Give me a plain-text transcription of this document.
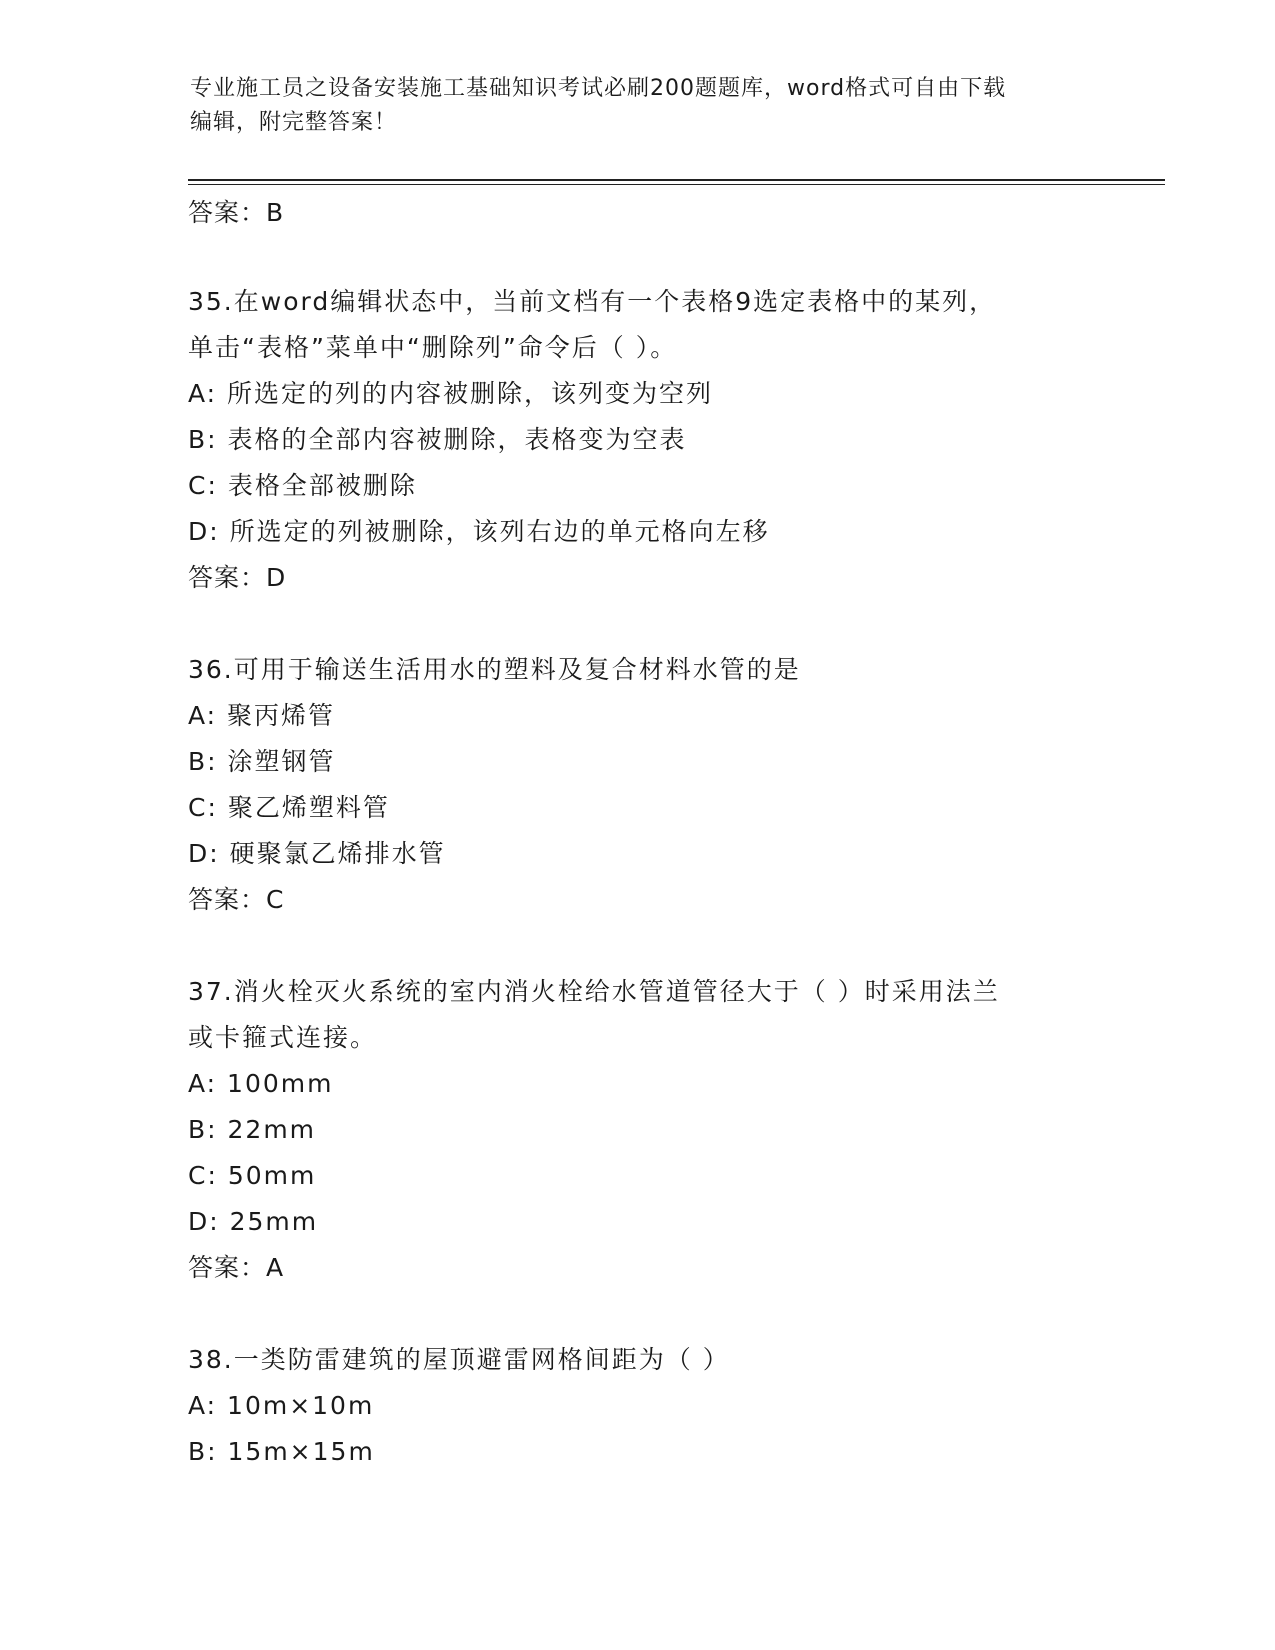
专业施工员之设备安装施工基础知识考试必刷200题题库，word格式可自由下载
编辑，附完整答案！
答案：B
35.在word编辑状态中，当前文档有一个表格9选定表格中的某列，
单击“表格”菜单中“删除列”命令后（ ）。
A: 所选定的列的内容被删除，该列变为空列
B: 表格的全部内容被删除，表格变为空表
C: 表格全部被删除
D: 所选定的列被删除，该列右边的单元格向左移
答案：D
36.可用于输送生活用水的塑料及复合材料水管的是
A: 聚丙烯管
B: 涂塑钢管
C: 聚乙烯塑料管
D: 硬聚氯乙烯排水管
答案：C
37.消火栓灭火系统的室内消火栓给水管道管径大于（ ）时采用法兰
或卡箍式连接。
A: 100mm
B: 22mm
C: 50mm
D: 25mm
答案：A
38.一类防雷建筑的屋顶避雷网格间距为（ ）
A: 10m×10m
B: 15m×15m
